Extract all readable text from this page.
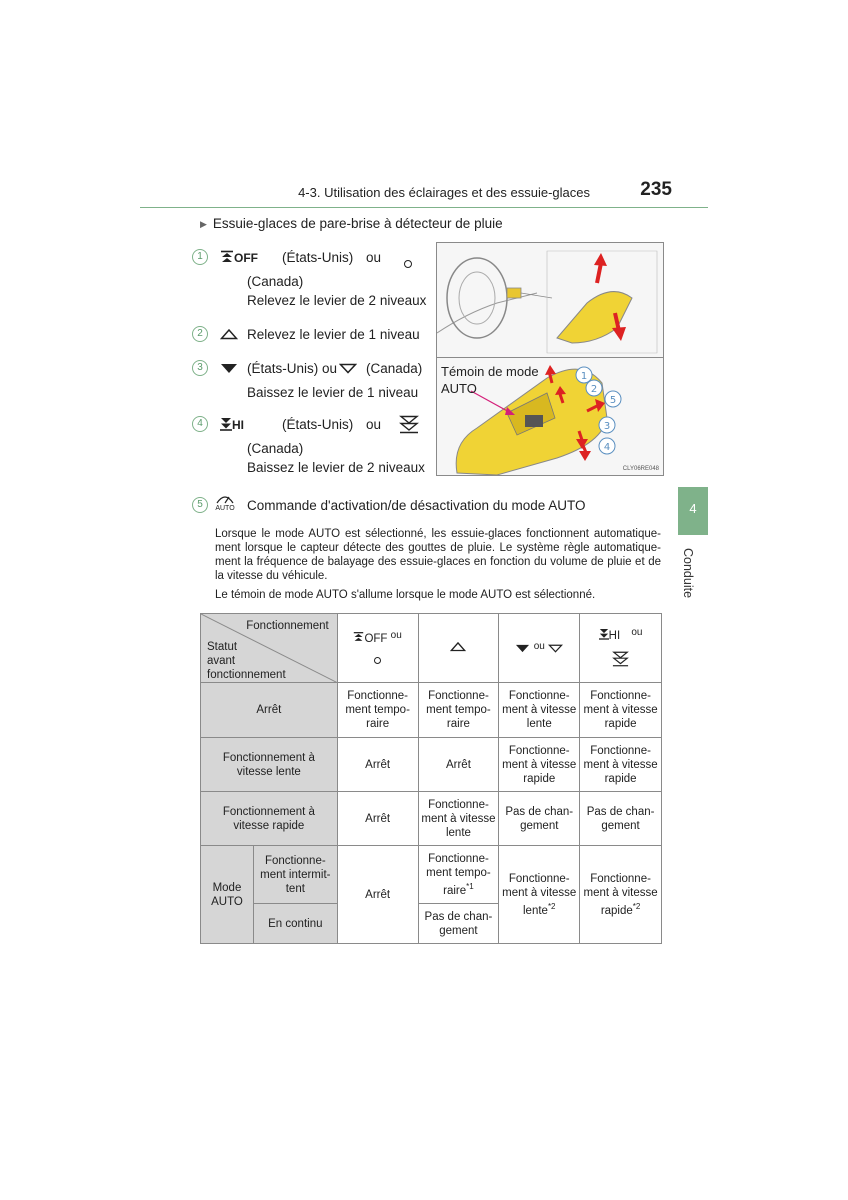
4-3. Utilisation des éclairages et des essuie-glaces	235
▶ Essuie-glaces de pare-brise à détecteur de pluie
1	OFF (États-Unis) ou
(Canada)
Relevez le levier de 2 niveaux
2	Relevez le levier de 1 niveau
3	(États-Unis) ou (Canada)
Baissez le levier de 1 niveau
4	HI	(États-Unis) ou
(Canada)
Baissez le levier de 2 niveaux
5	AUTO Commande d'activation/de désactivation du mode AUTO
1
2
5
3
4
Témoin de mode
AUTO
CLY06RE048

Lorsque le mode AUTO est sélectionné, les essuie-glaces fonctionnent automatique-ment lorsque le capteur détecte des gouttes de pluie. Le système règle automatique-ment la fréquence de balayage des essuie-glaces en fonction du volume de pluie et de la vitesse du véhicule.

Le témoin de mode AUTO s'allume lorsque le mode AUTO est sélectionné.

4
Conduite
Fonctionnement
Statut
avant
fonctionnement		OFF ou		ou	HI ou

Arrêt		Fonctionne-ment tempo-raire	Fonctionne-ment tempo-raire	Fonctionne-ment à vitesse lente	Fonctionne-ment à vitesse rapide
Fonctionnement à vitesse lente		Arrêt	Arrêt	Fonctionne-ment à vitesse rapide	Fonctionne-ment à vitesse rapide
Fonctionnement à vitesse rapide		Arrêt	Fonctionne-ment à vitesse lente	Pas de chan-gement	Pas de chan-gement
Mode AUTO	Fonctionne-ment intermit-tent	Arrêt	Fonctionne-ment tempo-raire$^{*1}$	Fonctionne-ment à vitesse lente$^{*2}$	Fonctionne-ment à vitesse rapide$^{*2}$
	En continu		Pas de chan-gement		
